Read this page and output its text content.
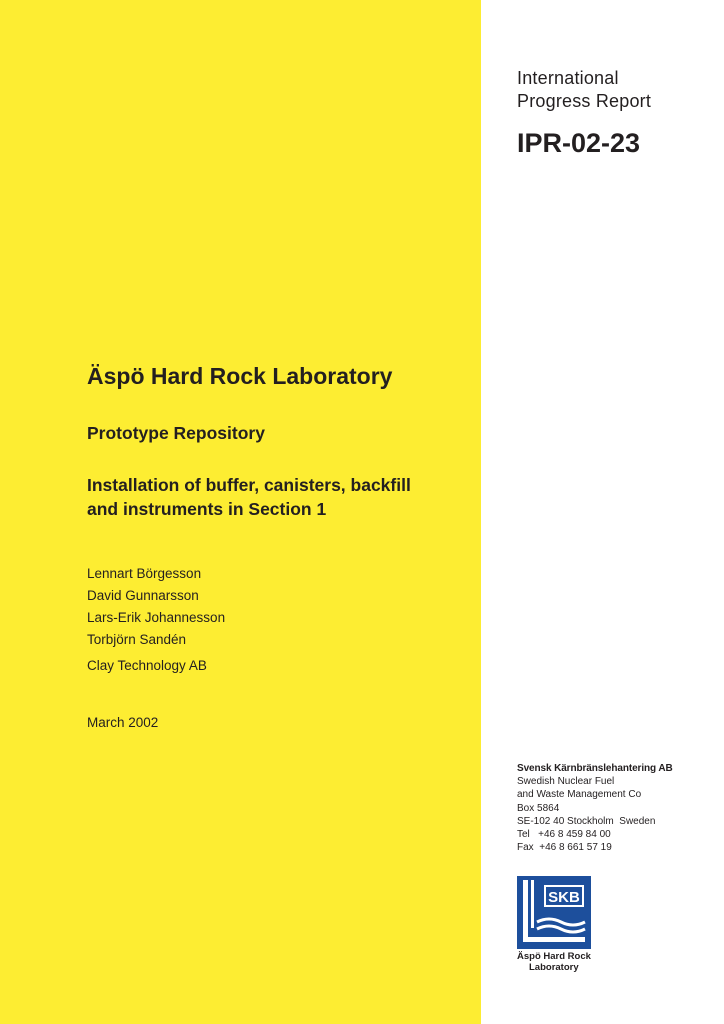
International
Progress Report
IPR-02-23
Äspö Hard Rock Laboratory
Prototype Repository
Installation of buffer, canisters, backfill
and instruments in Section 1
Lennart Börgesson
David Gunnarsson
Lars-Erik Johannesson
Torbjörn Sandén
Clay Technology AB
March 2002
Svensk Kärnbränslehantering AB
Swedish Nuclear Fuel
and Waste Management Co
Box 5864
SE-102 40 Stockholm  Sweden
Tel   +46 8 459 84 00
Fax  +46 8 661 57 19
SKB
Äspö Hard Rock
Laboratory
